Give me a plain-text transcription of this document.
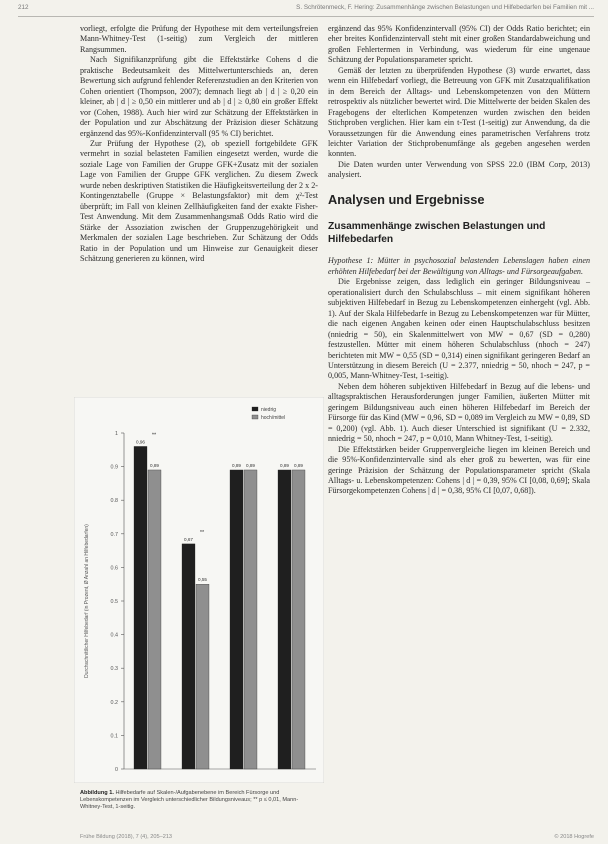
212	S. Schrötenmeck, F. Hering: Zusammenhänge zwischen Belastungen und Hilfebedarfen bei Familien mit ...

vorliegt, erfolgte die Prüfung der Hypothese mit dem verteilungsfreien Mann-Whitney-Test (1-seitig) zum Vergleich der mittleren Rangsummen.

Nach Signifikanzprüfung gibt die Effektstärke Cohens d die praktische Bedeutsamkeit des Mittelwertunterschieds an, deren Bewertung sich aufgrund fehlender Referenzstudien an den Kriterien von Cohen orientiert (Thompson, 2007); demnach liegt ab | d | ≥ 0,20 ein kleiner, ab | d | ≥ 0,50 ein mittlerer und ab | d | ≥ 0,80 ein großer Effekt vor (Cohen, 1988). Auch hier wird zur Schätzung der Effektstärken in der Population und zur Abschätzung der Präzision dieser Schätzung ergänzend das 95%-Konfidenzintervall (95 % CI) berichtet.

Zur Prüfung der Hypothese (2), ob speziell fortgebildete GFK vermehrt in sozial belasteten Familien eingesetzt werden, wurde die soziale Lage von Familien der Gruppe GFK+Zusatz mit der sozialen Lage von Familien der Gruppe GFK verglichen. Zu diesem Zweck wurde neben deskriptiven Statistiken die Häufigkeitsverteilung der 2 x 2-Kontingenztabelle (Gruppe × Belastungsfaktor) mit dem χ²-Test überprüft; im Fall von kleinen Zellhäufigkeiten fand der exakte Fisher-Test Anwendung. Mit dem Zusammenhangsmaß Odds Ratio wird die Stärke der Assoziation zwischen der Gruppenzugehörigkeit und Merkmalen der sozialen Lage beschrieben. Zur Schätzung der Odds Ratio in der Population und um Hinweise zur Genauigkeit dieser Schätzung generieren zu können, wird

ergänzend das 95% Konfidenzintervall (95% CI) der Odds Ratio berichtet; ein eher breites Konfidenzintervall steht mit einer großen Standardabweichung und großen Fehlertermen in Verbindung, was wiederum für eine ungenaue Schätzung der Populationsparameter spricht.

Gemäß der letzten zu überprüfenden Hypothese (3) wurde erwartet, dass wenn ein Hilfebedarf vorliegt, die Betreuung von GFK mit Zusatzqualifikation in dem Bereich der Alltags- und Lebenskompetenzen von den Müttern retrospektiv als nützlicher bewertet wird. Die Mittelwerte der beiden Skalen des Fragebogens der elterlichen Kompetenzen wurden zwischen den beiden Stichproben verglichen. Hier kam ein t-Test (1-seitig) zur Anwendung, da die Voraussetzungen für die Anwendung eines parametrischen Verfahrens trotz leichter Variation der Stichprobenumfänge als gegeben angesehen werden konnten.

Die Daten wurden unter Verwendung von SPSS 22.0 (IBM Corp, 2013) analysiert.

Analysen und Ergebnisse

Zusammenhänge zwischen Belastungen und Hilfebedarfen

Hypothese 1: Mütter in psychosozial belastenden Lebenslagen haben einen erhöhten Hilfebedarf bei der Bewältigung von Alltags- und Fürsorgeaufgaben.

Die Ergebnisse zeigen, dass lediglich ein geringer Bildungsniveau – operationalisiert durch den Schulabschluss – mit einem signifikant höheren subjektiven Hilfebedarf in Bezug zu Lebenskompetenzen einhergeht (vgl. Abb. 1). Auf der Skala Hilfebedarfe in Bezug zu Lebenskompetenzen war für Mütter, die nach eigenen Angaben keinen oder einen Hauptschulabschluss besitzen (nniedrig = 50), ein Skalenmittelwert von MW = 0,67 (SD = 0,280) festzustellen. Mütter mit einem höheren Schulabschluss (nhoch = 247) berichteten mit MW = 0,55 (SD = 0,314) einen signifikant geringeren Bedarf an Unterstützung in diesem Bereich (U = 2.377, nniedrig = 50, nhoch = 247, p = 0,005, Mann-Whitney-Test, 1-seitig).

Neben dem höheren subjektiven Hilfebedarf in Bezug auf die lebens- und alltagspraktischen Herausforderungen junger Familien, äußerten Mütter mit geringem Bildungsniveau auch einen höheren Hilfebedarf im Bereich der Fürsorge für das Kind (MW = 0,96, SD = 0,089 im Vergleich zu MW = 0,89, SD = 0,200) (vgl. Abb. 1). Auch dieser Unterschied ist signifikant (U = 2.332, nniedrig = 50, nhoch = 247, p = 0,010, Mann Whitney-Test, 1-seitig).

Die Effektstärken beider Gruppenvergleiche liegen im kleinen Bereich und die 95%-Konfidenzintervalle sind als eher groß zu bewerten, was für eine geringe Präzision der Schätzung der Populationsparameter spricht (Skala Alltags- u. Lebenskompetenzen: Cohens | d | = 0,39, 95% CI [0,08, 0,69]; Skala Fürsorgekompetenzen Cohens | d | = 0,38, 95% CI [0,07, 0,68]).

0
0.1
0.2
0.3
0.4
0.5
0.6
0.7
0.8
0.9
1
Durchschnittlicher Hilfebedarf (in Prozent, Ø Anzahl an Hilfebedarfen)
0,96
0,89
**
0,67
0,55
**
0,89 0,89	0,89 0,89
niedrig
hoch/mittel
Abbildung 1. Hilfebedarfe auf Skalen-/Aufgabenebene im Bereich Fürsorge und Lebenskompetenzen im Vergleich unterschiedlicher Bildungsniveaus; ** p ≤ 0,01, Mann-Whitney-Test, 1-seitig.
Frühe Bildung (2018), 7 (4), 205–213	© 2018 Hogrefe
